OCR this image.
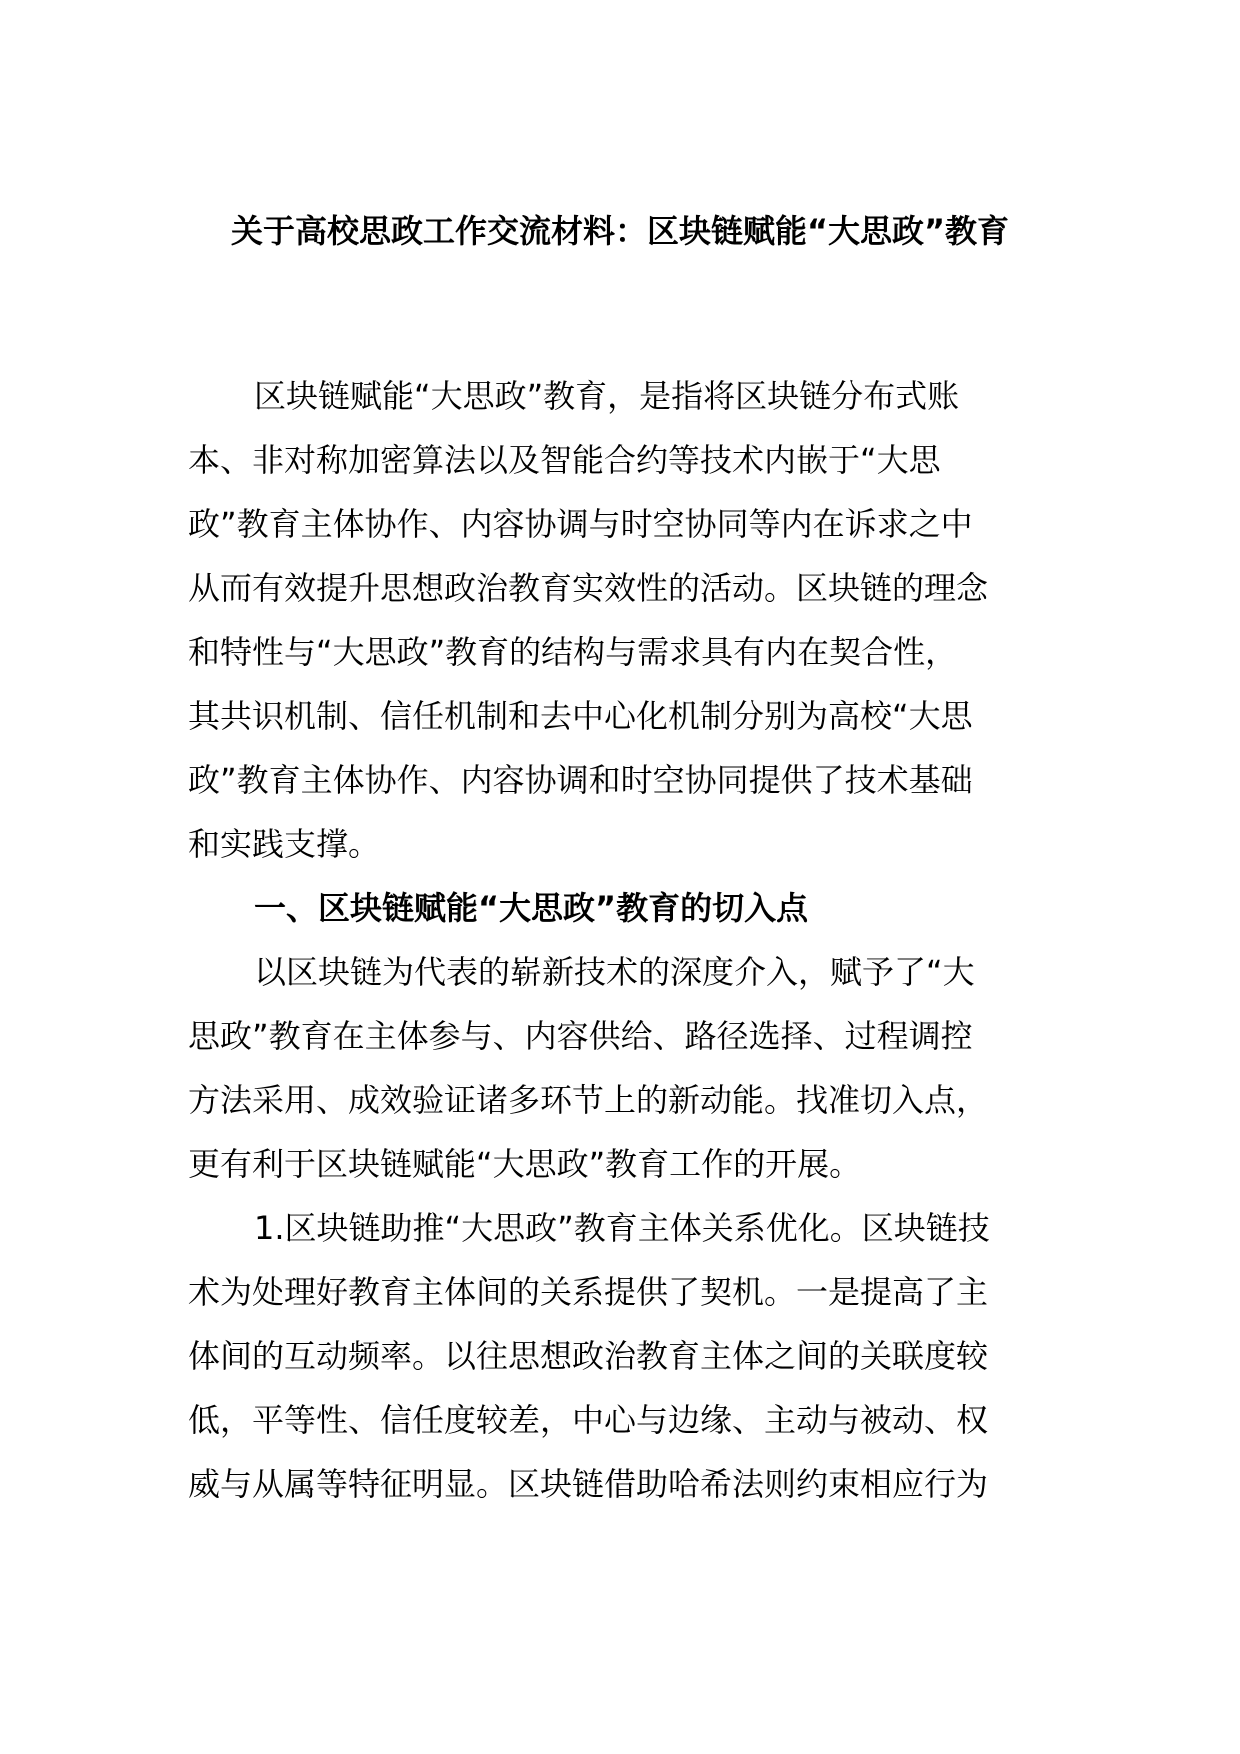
关于高校思政工作交流材料：区块链赋能“大思政”教育
区块链赋能“大思政”教育，是指将区块链分布式账
本、非对称加密算法以及智能合约等技术内嵌于“大思
政”教育主体协作、内容协调与时空协同等内在诉求之中
从而有效提升思想政治教育实效性的活动。区块链的理念
和特性与“大思政”教育的结构与需求具有内在契合性，
其共识机制、信任机制和去中心化机制分别为高校“大思
政”教育主体协作、内容协调和时空协同提供了技术基础
和实践支撑。
一、区块链赋能“大思政”教育的切入点
以区块链为代表的崭新技术的深度介入，赋予了“大
思政”教育在主体参与、内容供给、路径选择、过程调控
方法采用、成效验证诸多环节上的新动能。找准切入点，
更有利于区块链赋能“大思政”教育工作的开展。
1.区块链助推“大思政”教育主体关系优化。区块链技
术为处理好教育主体间的关系提供了契机。一是提高了主
体间的互动频率。以往思想政治教育主体之间的关联度较
低，平等性、信任度较差，中心与边缘、主动与被动、权
威与从属等特征明显。区块链借助哈希法则约束相应行为
